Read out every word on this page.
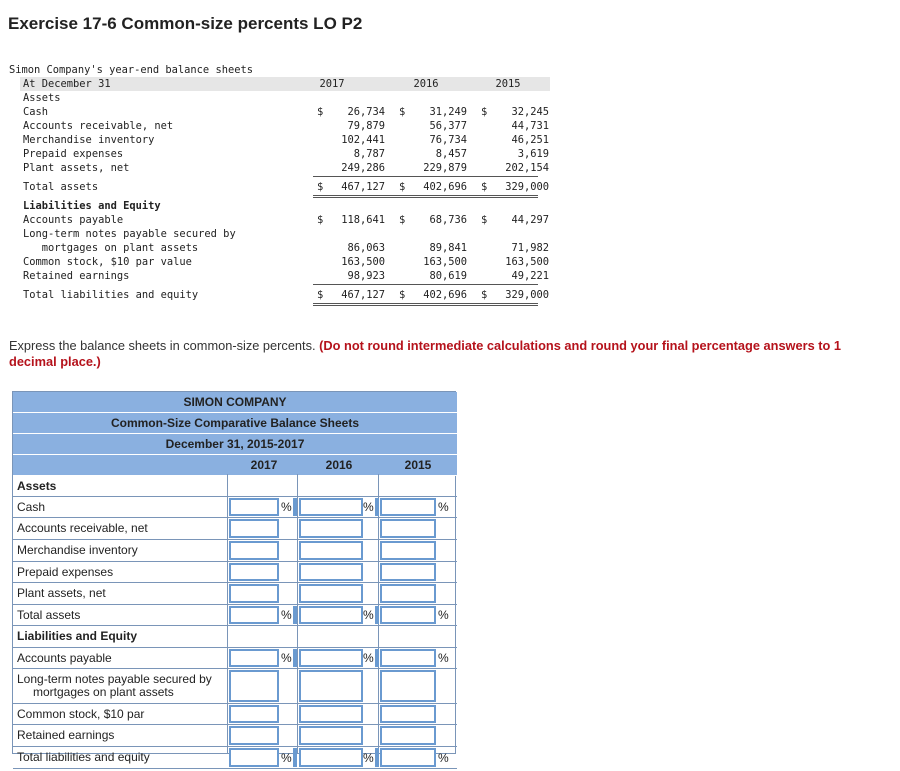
Exercise 17-6 Common-size percents LO P2
Simon Company's year-end balance sheets
At December 31	2017	2016	2015
Assets
Cash	$	26,734 $	31,249 $	32,245
Accounts receivable, net	79,879	56,377	44,731
Merchandise inventory	102,441	76,734	46,251
Prepaid expenses	8,787	8,457	3,619
Plant assets, net	249,286	229,879	202,154
Total assets	$	467,127 $	402,696 $	329,000
Liabilities and Equity
Accounts payable	$	118,641 $	68,736 $	44,297
Long-term notes payable secured by
mortgages on plant assets	86,063	89,841	71,982
Common stock, $10 par value	163,500	163,500	163,500
Retained earnings	98,923	80,619	49,221
Total liabilities and equity	$	467,127 $	402,696 $	329,000
Express the balance sheets in common-size percents. (Do not round intermediate calculations and round your final percentage answers to 1 decimal place.)
SIMON COMPANY
Common-Size Comparative Balance Sheets
December 31, 2015-2017
2017	2016	2015
Assets
Cash	%	%	%
Accounts receivable, net
Merchandise inventory
Prepaid expenses
Plant assets, net
Total assets	%	%	%
Liabilities and Equity
Accounts payable	%	%	%
Long-term notes payable secured by
mortgages on plant assets
Common stock, $10 par
Retained earnings
Total liabilities and equity	%	%	%
